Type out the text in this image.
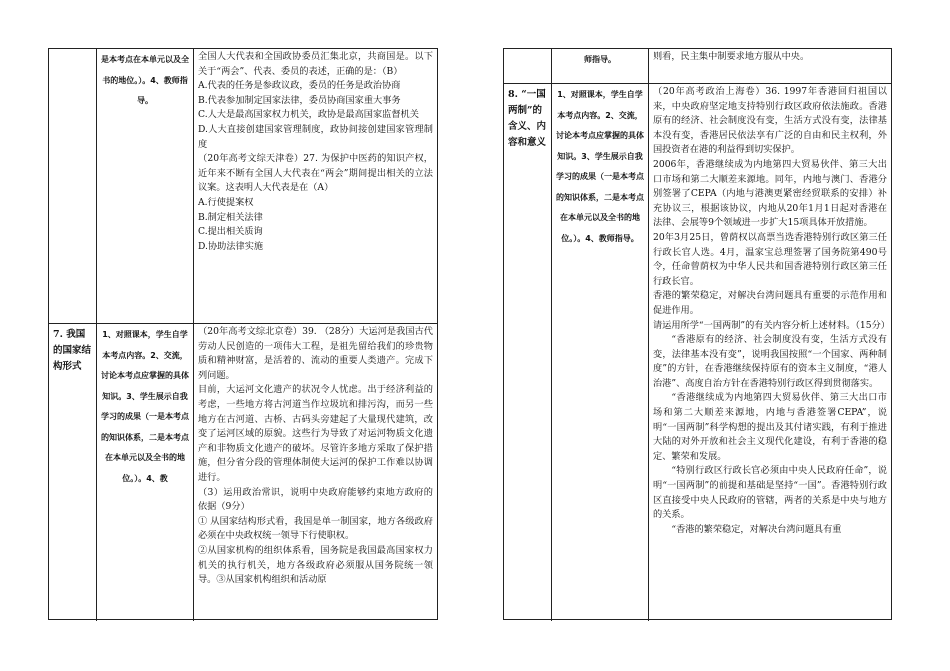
是本考点在本单元以及全书的地位。）。4、教师指导。

全国人大代表和全国政协委员汇集北京，共商国是。以下关于“两会”、代表、委员的表述，正确的是：（B）

A.代表的任务是参政议政，委员的任务是政治协商

B.代表参加制定国家法律，委员协商国家重大事务

C.人大是最高国家权力机关，政协是最高国家监督机关

D.人大直接创建国家管理制度，政协间接创建国家管理制度

（20年高考文综天津卷）27. 为保护中医药的知识产权，近年来不断有全国人大代表在“两会”期间提出相关的立法议案。这表明人大代表是在（A）

A.行使提案权

B.制定相关法律

C.提出相关质询

D.协助法律实施

7. 我国的国家结构形式
1、对照课本，学生自学本考点内容。2、交流，讨论本考点应掌握的具体知识。3、学生展示自我学习的成果（一是本考点的知识体系，二是本考点在本单元以及全书的地位。）。4、教

（20年高考文综北京卷）39. （28分）大运河是我国古代劳动人民创造的一项伟大工程，是祖先留给我们的珍贵物质和精神财富，是活着的、流动的重要人类遗产。完成下列问题。

目前，大运河文化遗产的状况令人忧虑。出于经济利益的考虑，一些地方将古河道当作垃圾坑和排污沟，而另一些地方在古河道、古桥、古码头旁建起了大量现代建筑，改变了运河区域的原貌。这些行为导致了对运河物质文化遗产和非物质文化遗产的破坏。尽管许多地方采取了保护措施，但分省分段的管理体制使大运河的保护工作难以协调进行。

（3）运用政治常识，说明中央政府能够约束地方政府的依据（9分）

① 从国家结构形式看，我国是单一制国家，地方各级政府必须在中央政权统一领导下行使职权。

②从国家机构的组织体系看，国务院是我国最高国家权力机关的执行机关，地方各级政府必须服从国务院统一领导。③从国家机构组织和活动原

师指导。	则看，民主集中制要求地方服从中央。

8. “一国两制”的含义、内容和意义
1、对照课本，学生自学本考点内容。2、交流，讨论本考点应掌握的具体知识。3、学生展示自我学习的成果（一是本考点的知识体系，二是本考点在本单元以及全书的地位。）。4、教师指导。

（20年高考政治上海卷）36. 1997年香港回归祖国以来，中央政府坚定地支持特别行政区政府依法施政。香港原有的经济、社会制度没有变，生活方式没有变，法律基本没有变，香港居民依法享有广泛的自由和民主权利，外国投资者在港的利益得到切实保护。

2006年，香港继续成为内地第四大贸易伙伴、第三大出口市场和第二大顺差来源地。同年，内地与澳门、香港分别签署了CEPA（内地与港澳更紧密经贸联系的安排）补充协议三，根据该协议，内地从20年1月1日起对香港在法律、会展等9个领域进一步扩大15项具体开放措施。

20年3月25日，曾荫权以高票当选香港特别行政区第三任行政长官人选。4月，温家宝总理签署了国务院第490号令，任命曾荫权为中华人民共和国香港特别行政区第三任行政长官。

香港的繁荣稳定，对解决台湾问题具有重要的示范作用和促进作用。

请运用所学“一国两制”的有关内容分析上述材料。（15分）

“香港原有的经济、社会制度没有变，生活方式没有变，法律基本没有变”，说明我国按照“一个国家、两种制度”的方针，在香港继续保持原有的资本主义制度，“港人治港”、高度自治方针在香港特别行政区得到贯彻落实。

“香港继续成为内地第四大贸易伙伴、第三大出口市场和第二大顺差来源地，内地与香港签署CEPA”，说明“一国两制”科学构想的提出及其付诸实践，有利于推进大陆的对外开放和社会主义现代化建设，有利于香港的稳定、繁荣和发展。

“特别行政区行政长官必须由中央人民政府任命”，说明“一国两制”的前提和基础是坚持“一国”。香港特别行政区直接受中央人民政府的管辖，两者的关系是中央与地方的关系。

“香港的繁荣稳定，对解决台湾问题具有重
